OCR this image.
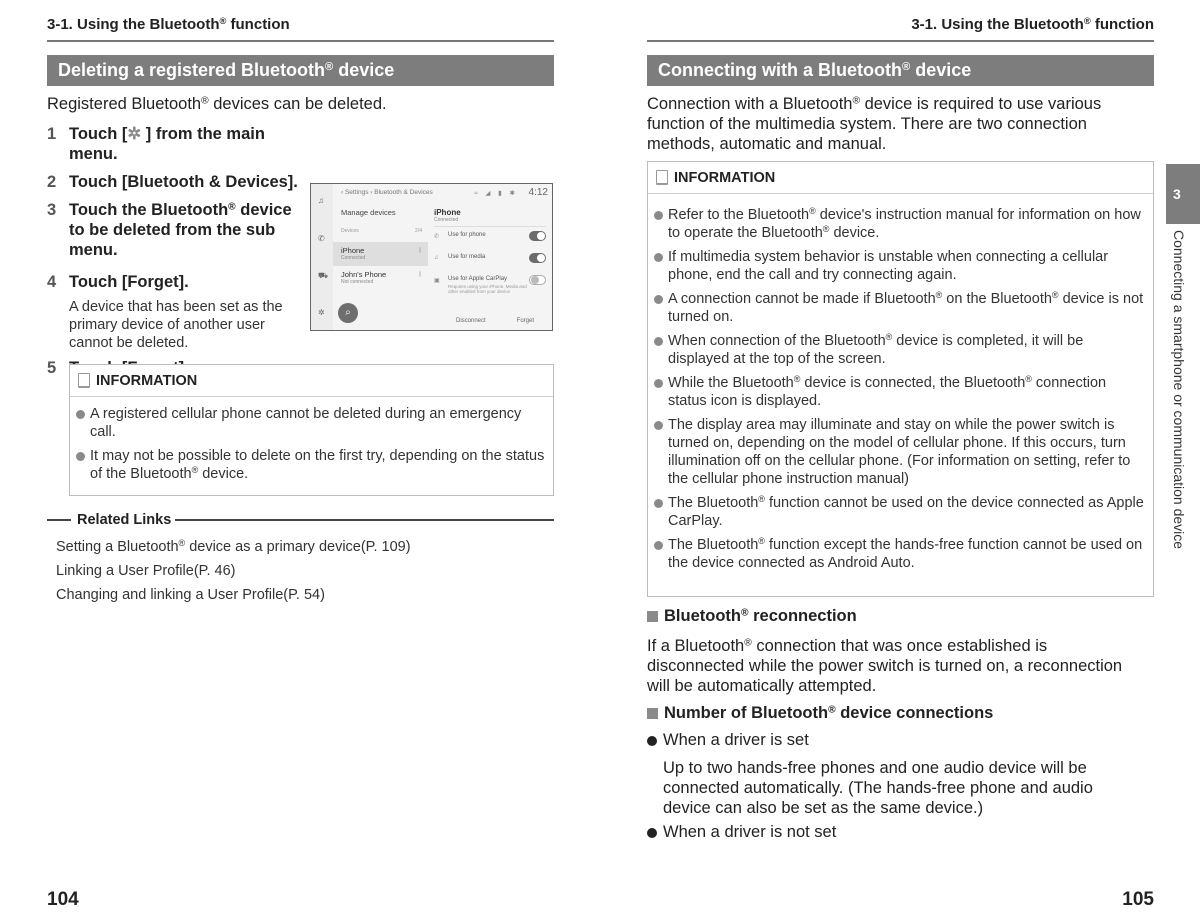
3-1. Using the Bluetooth® function
Deleting a registered Bluetooth® device
Registered Bluetooth® devices can be deleted.
1 Touch [✲ ] from the main menu.
2 Touch [Bluetooth & Devices].
3 Touch the Bluetooth® device to be deleted from the sub menu.
4 Touch [Forget].
A device that has been set as the primary device of another user cannot be deleted.
5
♫
✆
⛟
✲
‹ Settings › Bluetooth & Devices	≈ ◢ ▮ ✱ 4:12
Manage devices
Devices	2/4
iPhone
Connected
ᛒ
John's Phone
Not connected
ᛒ
⌕
iPhone
Connected
✆ Use for phone
♫ Use for media
▣ Use for Apple CarPlay
Requires using your iPhone. Media and other enabled from your device
Disconnect	Forget
INFORMATION
A registered cellular phone cannot be deleted during an emergency call.
It may not be possible to delete on the first try, depending on the status of the Bluetooth® device.
Related Links
Setting a Bluetooth® device as a primary device(P. 109)
Linking a User Profile(P. 46)
Changing and linking a User Profile(P. 54)
104
3-1. Using the Bluetooth® function
Connecting with a Bluetooth® device
Connection with a Bluetooth® device is required to use various function of the multimedia system. There are two connection methods, automatic and manual.
INFORMATION
Refer to the Bluetooth® device's instruction manual for information on how to operate the Bluetooth® device.
If multimedia system behavior is unstable when connecting a cellular phone, end the call and try connecting again.
A connection cannot be made if Bluetooth® on the Bluetooth® device is not turned on.
When connection of the Bluetooth® device is completed, it will be displayed at the top of the screen.
While the Bluetooth® device is connected, the Bluetooth® connection status icon is displayed.
The display area may illuminate and stay on while the power switch is turned on, depending on the model of cellular phone. If this occurs, turn illumination off on the cellular phone. (For information on setting, refer to the cellular phone instruction manual)
The Bluetooth® function cannot be used on the device connected as Apple CarPlay.
The Bluetooth® function except the hands-free function cannot be used on the device connected as Android Auto.
Bluetooth® reconnection
If a Bluetooth® connection that was once established is disconnected while the power switch is turned on, a reconnection will be automatically attempted.
Number of Bluetooth® device connections
When a driver is set
Up to two hands-free phones and one audio device will be connected automatically. (The hands-free phone and audio device can also be set as the same device.)
When a driver is not set
105
3
Connecting a smartphone or communication device
